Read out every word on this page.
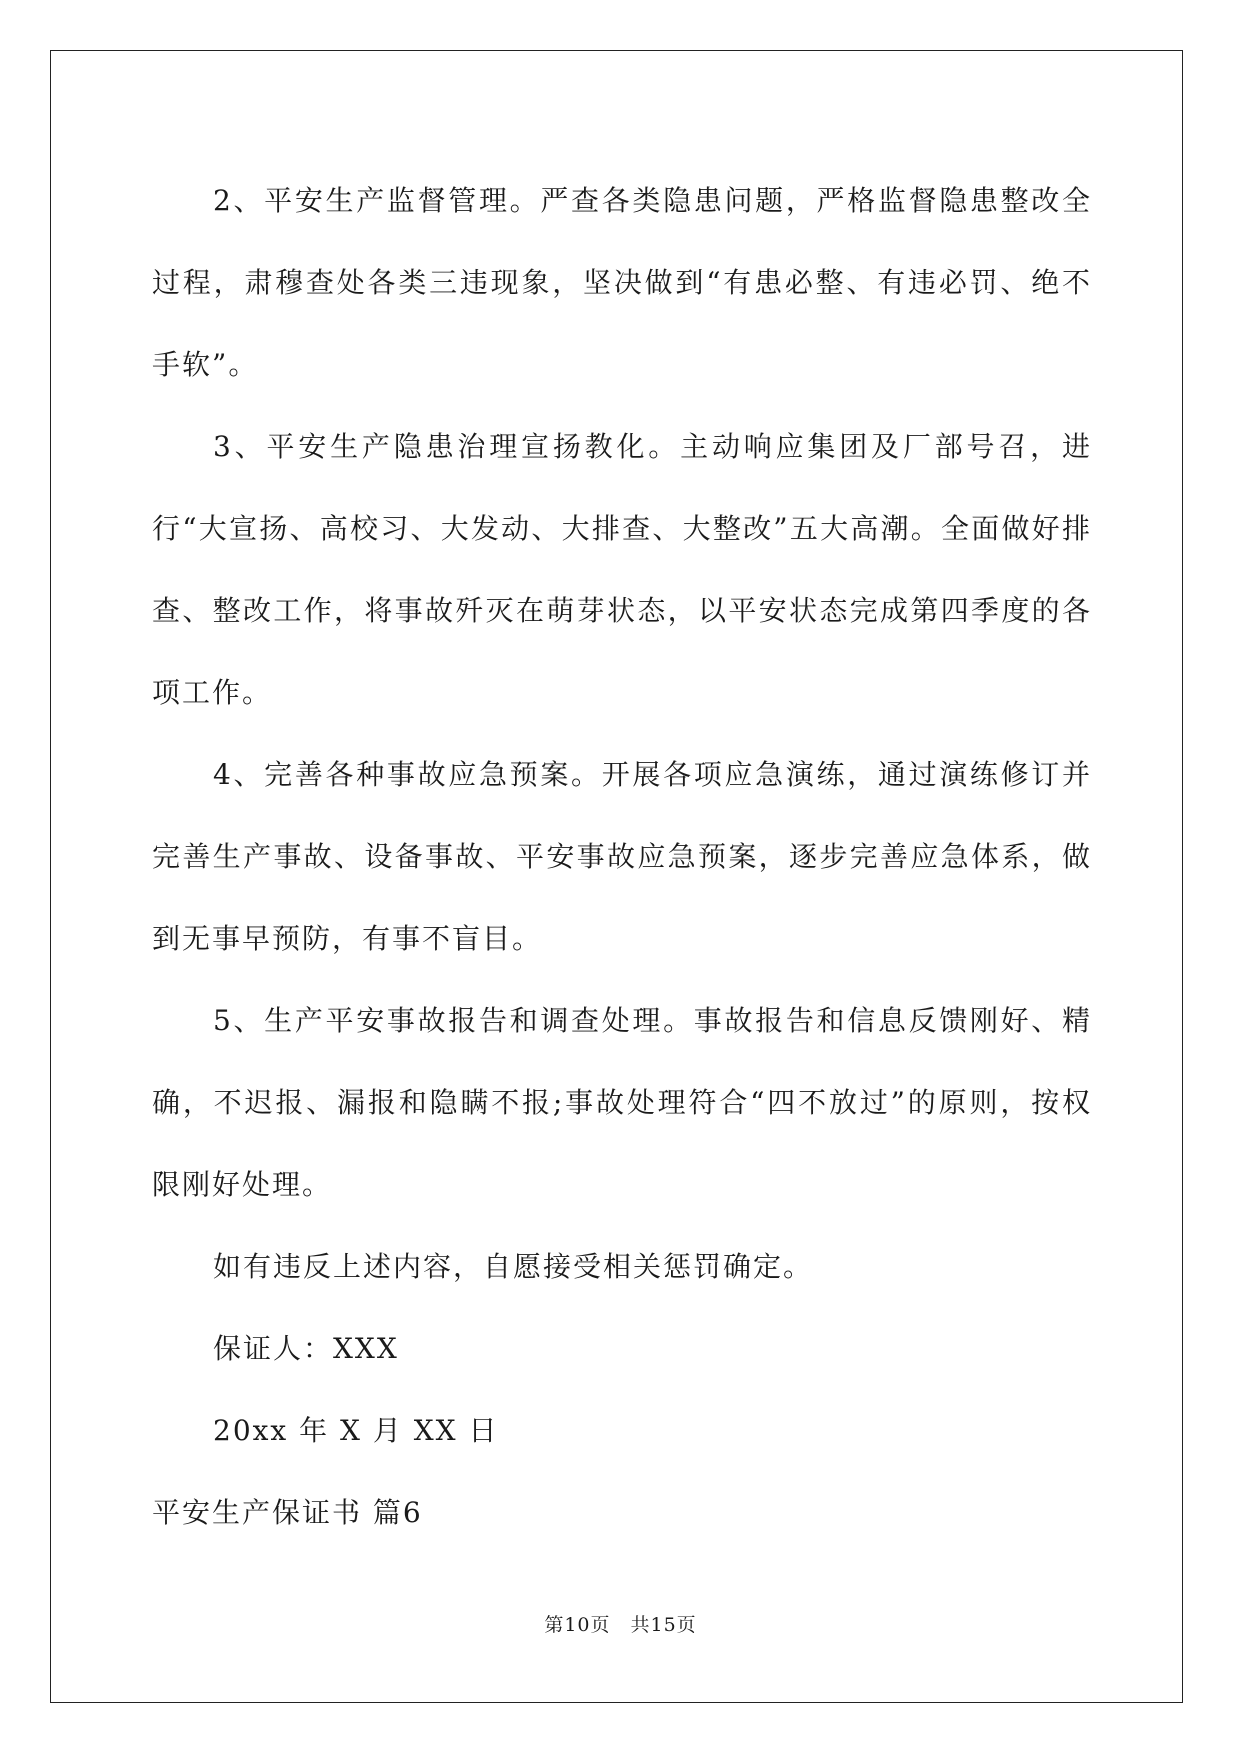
2、平安生产监督管理。严查各类隐患问题，严格监督隐患整改全过程，肃穆查处各类三违现象，坚决做到“有患必整、有违必罚、绝不手软”。

3、平安生产隐患治理宣扬教化。主动响应集团及厂部号召，进行“大宣扬、高校习、大发动、大排查、大整改”五大高潮。全面做好排查、整改工作，将事故歼灭在萌芽状态，以平安状态完成第四季度的各项工作。

4、完善各种事故应急预案。开展各项应急演练，通过演练修订并完善生产事故、设备事故、平安事故应急预案，逐步完善应急体系，做到无事早预防，有事不盲目。

5、生产平安事故报告和调查处理。事故报告和信息反馈刚好、精确，不迟报、漏报和隐瞒不报;事故处理符合“四不放过”的原则，按权限刚好处理。

如有违反上述内容，自愿接受相关惩罚确定。

保证人：XXX

20xx 年 X 月 XX 日

平安生产保证书 篇6

第10页　共15页
